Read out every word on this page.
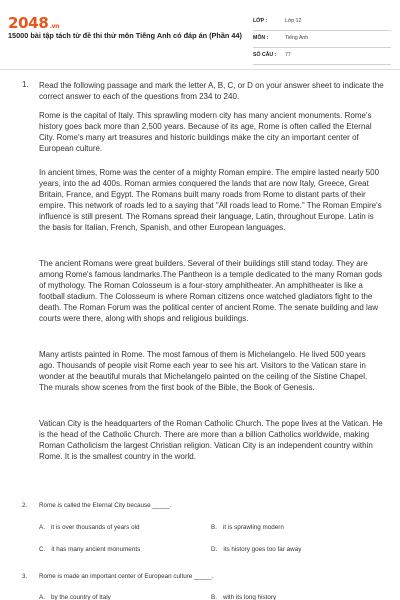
2048.vn
15000 bài tập tách từ đề thi thử môn Tiếng Anh có đáp án (Phần 44)
LỚP :	Lớp 12
MÔN :	Tiếng Anh
SỐ CÂU : 77
1. Read the following passage and mark the letter A, B, C, or D on your answer sheet to indicate the correct answer to each of the questions from 234 to 240.
Rome is the capital of Italy. This sprawling modern city has many ancient monuments. Rome's history goes back more than 2,500 years. Because of its age, Rome is often called the Eternal City. Rome's many art treasures and historic buildings make the city an important center of European culture.
In ancient times, Rome was the center of a mighty Roman empire. The empire lasted nearly 500 years, into the ad 400s. Roman armies conquered the lands that are now Italy, Greece, Great Britain, France, and Egypt. The Romans built many roads from Rome to distant parts of their empire. This network of roads led to a saying that "All roads lead to Rome." The Roman Empire's influence is still present. The Romans spread their language, Latin, throughout Europe. Latin is the basis for Italian, French, Spanish, and other European languages.
The ancient Romans were great builders. Several of their buildings still stand today. They are among Rome's famous landmarks.The Pantheon is a temple dedicated to the many Roman gods of mythology. The Roman Colosseum is a four-story amphitheater. An amphitheater is like a football stadium. The Colosseum is where Roman citizens once watched gladiators fight to the death. The Roman Forum was the political center of ancient Rome. The senate building and law courts were there, along with shops and religious buildings.
Many artists painted in Rome. The most famous of them is Michelangelo. He lived 500 years ago. Thousands of people visit Rome each year to see his art. Visitors to the Vatican stare in wonder at the beautiful murals that Michelangelo painted on the ceiling of the Sistine Chapel. The murals show scenes from the first book of the Bible, the Book of Genesis.
Vatican City is the headquarters of the Roman Catholic Church. The pope lives at the Vatican. He is the head of the Catholic Church. There are more than a billion Catholics worldwide, making Roman Catholicism the largest Christian religion. Vatican City is an independent country within Rome. It is the smallest country in the world.
2. Rome is called the Eternal City because _____.
A. it is over thousands of years old	B. it is sprawling modern
C. it has many ancient monuments	D. its history goes too far away
3. Rome is made an important center of European culture _____.
A. by the country of Italy	B. with its long history
